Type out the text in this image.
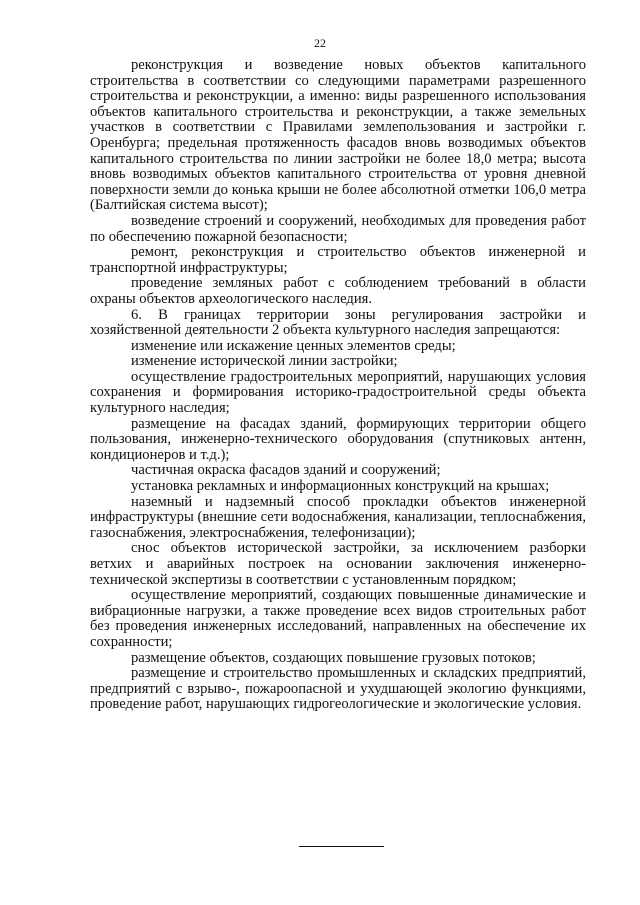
22

реконструкция и возведение новых объектов капитального строительства в соответствии со следующими параметрами разрешенного строительства и реконструкции, а именно: виды разрешенного использования объектов капитального строительства и реконструкции, а также земельных участков в соответствии с Правилами землепользования и застройки г. Оренбурга; предельная протяженность фасадов вновь возводимых объектов капитального строительства по линии застройки не более 18,0 метра; высота вновь возводимых объектов капитального строительства от уровня дневной поверхности земли до конька крыши не более абсолютной отметки 106,0 метра (Балтийская система высот);

возведение строений и сооружений, необходимых для проведения работ по обеспечению пожарной безопасности;

ремонт, реконструкция и строительство объектов инженерной и транспортной инфраструктуры;

проведение земляных работ с соблюдением требований в области охраны объектов археологического наследия.

6. В границах территории зоны регулирования застройки и хозяйственной деятельности 2 объекта культурного наследия запрещаются:

изменение или искажение ценных элементов среды;

изменение исторической линии застройки;

осуществление градостроительных мероприятий, нарушающих условия сохранения и формирования историко-градостроительной среды объекта культурного наследия;

размещение на фасадах зданий, формирующих территории общего пользования, инженерно-технического оборудования (спутниковых антенн, кондиционеров и т.д.);

частичная окраска фасадов зданий и сооружений;

установка рекламных и информационных конструкций на крышах;

наземный и надземный способ прокладки объектов инженерной инфраструктуры (внешние сети водоснабжения, канализации, теплоснабжения, газоснабжения, электроснабжения, телефонизации);

снос объектов исторической застройки, за исключением разборки ветхих и аварийных построек на основании заключения инженерно-технической экспертизы в соответствии с установленным порядком;

осуществление мероприятий, создающих повышенные динамические и вибрационные нагрузки, а также проведение всех видов строительных работ без проведения инженерных исследований, направленных на обеспечение их сохранности;

размещение объектов, создающих повышение грузовых потоков;

размещение и строительство промышленных и складских предприятий, предприятий с взрыво-, пожароопасной и ухудшающей экологию функциями, проведение работ, нарушающих гидрогеологические и экологические условия.
